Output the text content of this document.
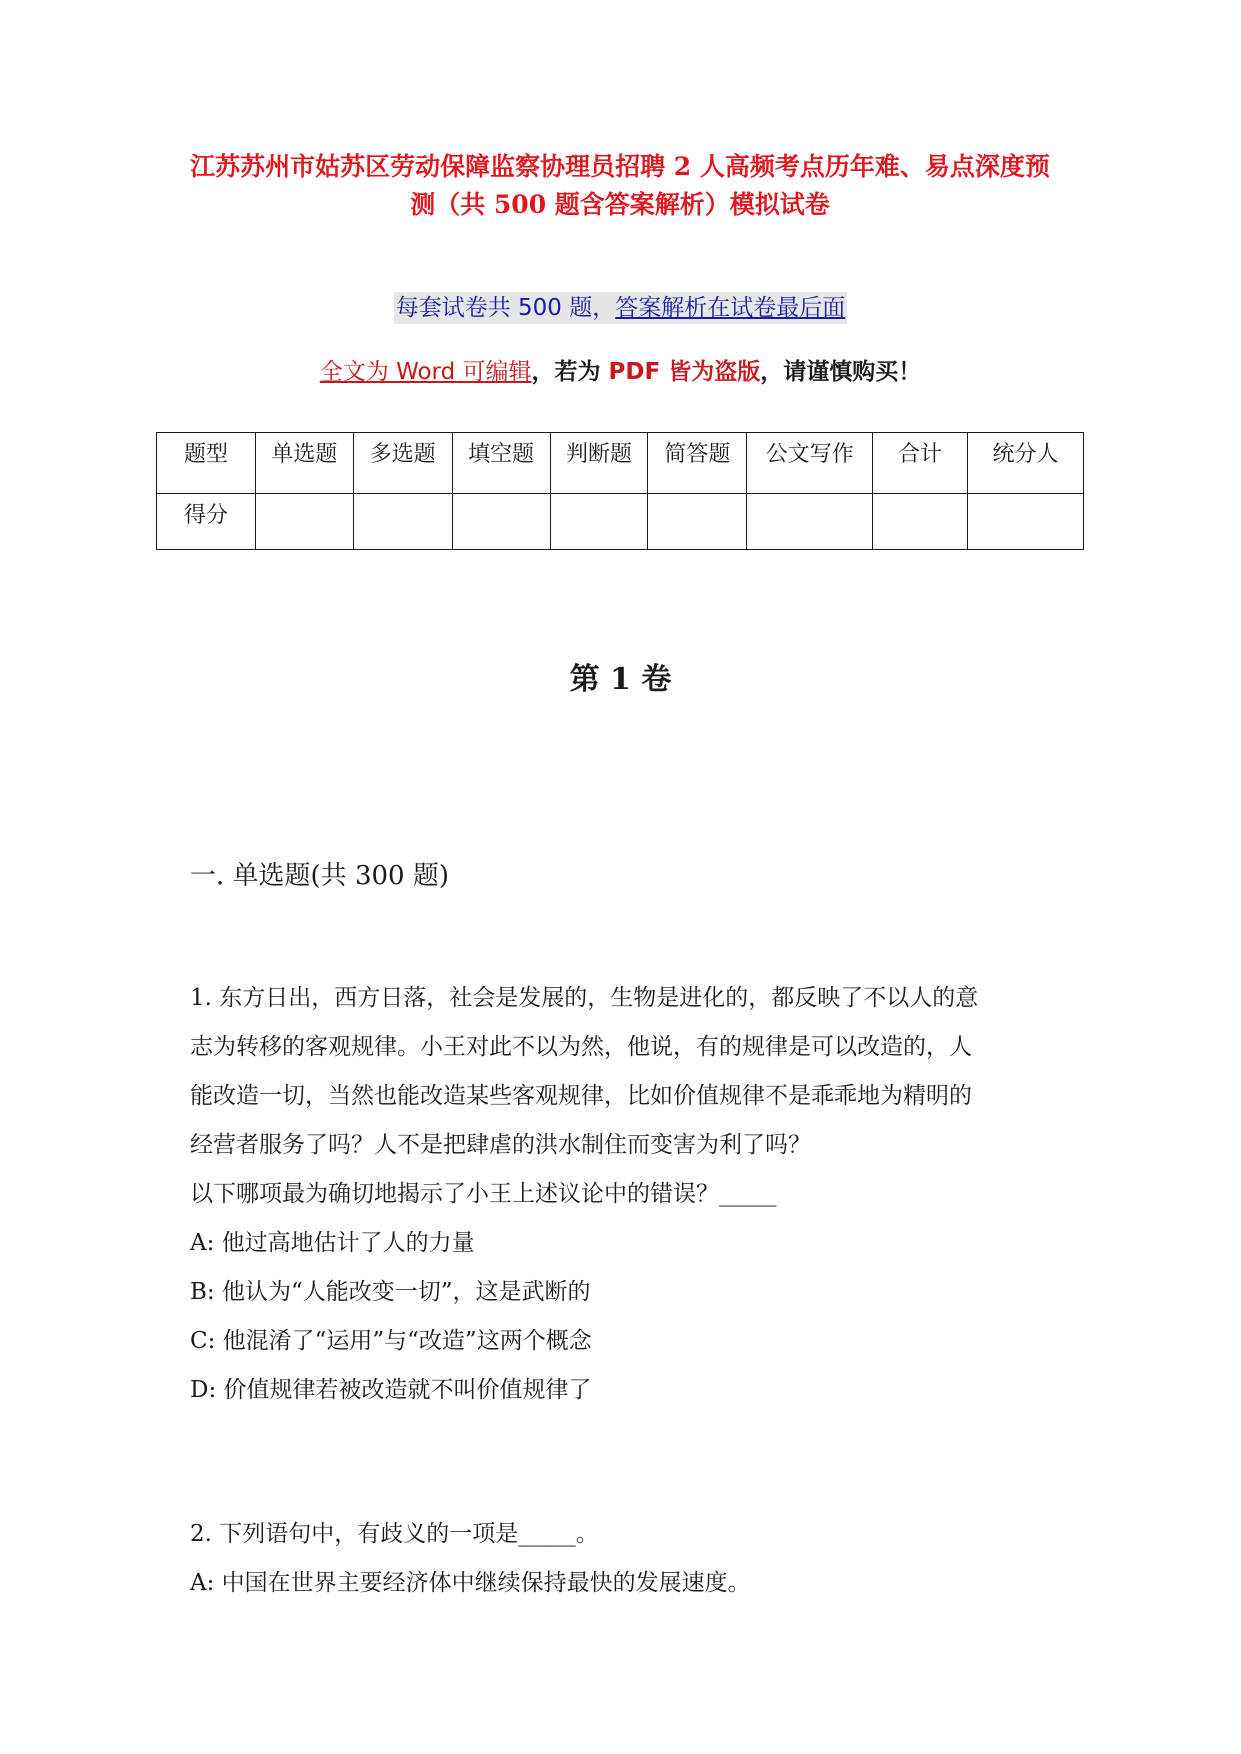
江苏苏州市姑苏区劳动保障监察协理员招聘 2 人高频考点历年难、易点深度预
测（共 500 题含答案解析）模拟试卷
每套试卷共 500 题，答案解析在试卷最后面
全文为 Word 可编辑，若为 PDF 皆为盗版，请谨慎购买！
题型	单选题	多选题	填空题	判断题	简答题	公文写作	合计	统分人
得分								
第 1 卷
一. 单选题(共 300 题)
1. 东方日出，西方日落，社会是发展的，生物是进化的，都反映了不以人的意
志为转移的客观规律。小王对此不以为然，他说，有的规律是可以改造的，人
能改造一切，当然也能改造某些客观规律，比如价值规律不是乖乖地为精明的
经营者服务了吗？人不是把肆虐的洪水制住而变害为利了吗？
以下哪项最为确切地揭示了小王上述议论中的错误？_____
A: 他过高地估计了人的力量
B: 他认为“人能改变一切”，这是武断的
C: 他混淆了“运用”与“改造”这两个概念
D: 价值规律若被改造就不叫价值规律了
2. 下列语句中，有歧义的一项是_____。
A: 中国在世界主要经济体中继续保持最快的发展速度。
